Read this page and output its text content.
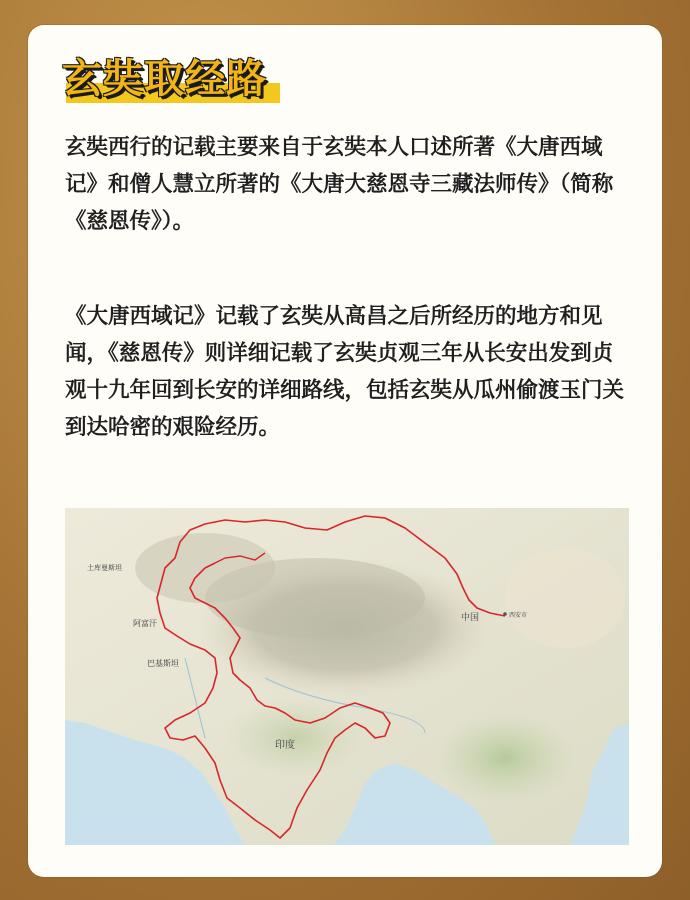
玄奘取经路

玄奘西行的记载主要来自于玄奘本人口述所著《大唐西域记》和僧人慧立所著的《大唐大慈恩寺三藏法师传》（简称《慈恩传》）。

《大唐西域记》记载了玄奘从高昌之后所经历的地方和见闻，《慈恩传》则详细记载了玄奘贞观三年从长安出发到贞观十九年回到长安的详细路线，包括玄奘从瓜州偷渡玉门关到达哈密的艰险经历。

中国	西安市
印度
阿富汗
巴基斯坦
土库曼斯坦
